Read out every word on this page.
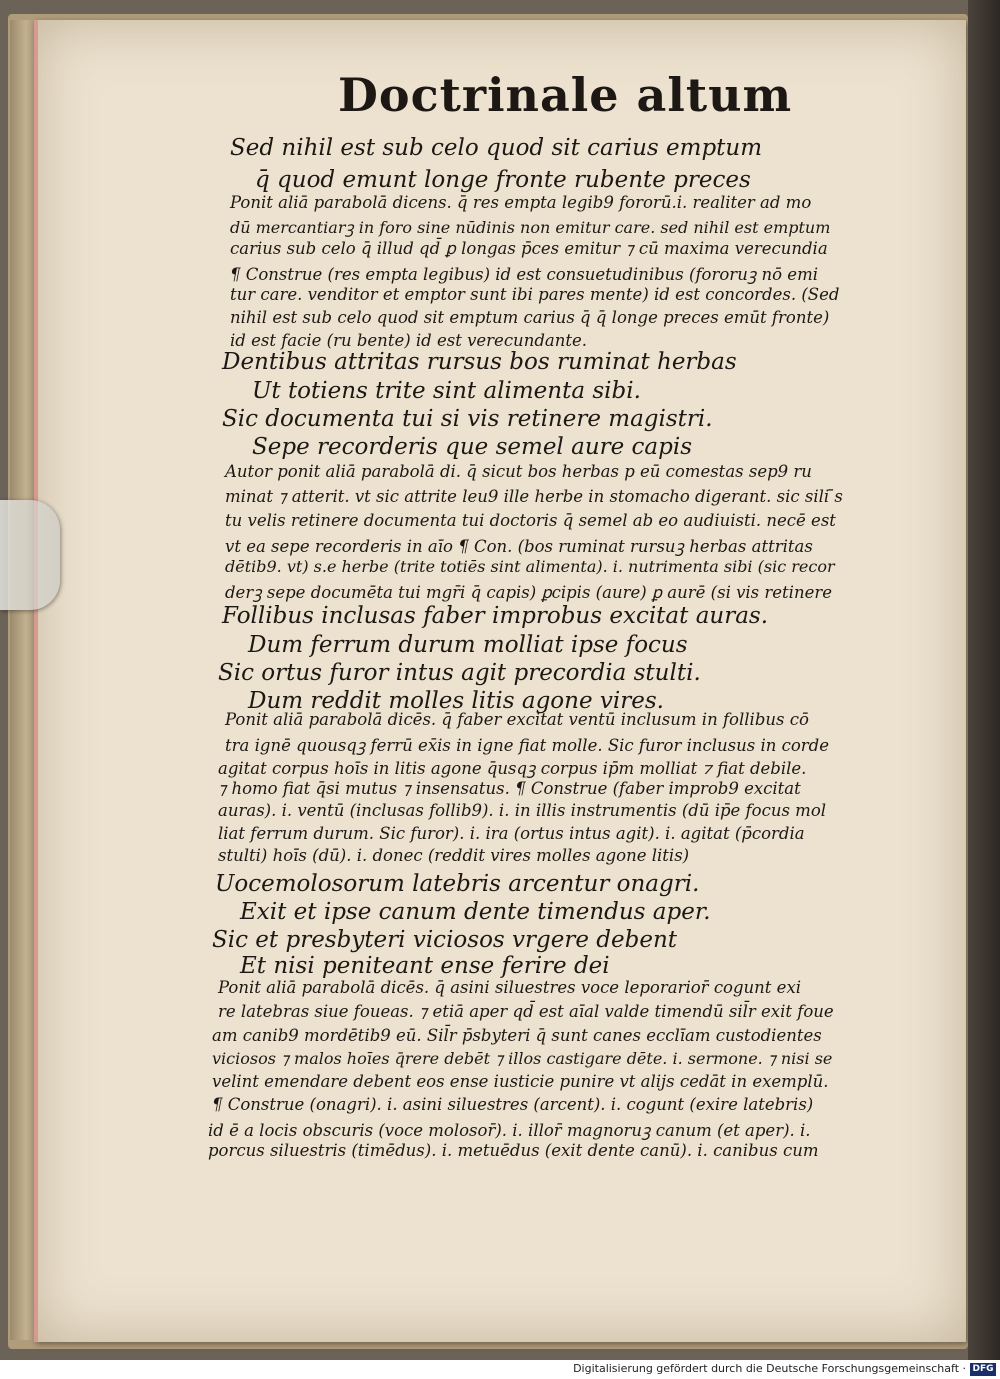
Doctrinale altum
Sed nihil est sub celo quod sit carius emptum
q̄ quod emunt longe fronte rubente preces
Ponit aliā parabolā dicens. q̄ res empta legib9 fororū.i. realiter ad mo
dū mercantiarꝫ in foro sine nūdinis non emitur care. sed nihil est emptum
carius sub celo q̄ illud qd̄ ꝑ longas p̄ces emitur ⁊ cū maxima verecundia
¶ Construe (res empta legibus) id est consuetudinibus (fororuꝫ nō emi
tur care. venditor et emptor sunt ibi pares mente) id est concordes. (Sed
nihil est sub celo quod sit emptum carius q̄ q̄ longe preces emūt fronte)
id est facie (ru bente) id est verecundante.
Dentibus attritas rursus bos ruminat herbas
Ut totiens trite sint alimenta sibi.
Sic documenta tui si vis retinere magistri.
Sepe recorderis que semel aure capis
Autor ponit aliā parabolā di. q̄ sicut bos herbas p eū comestas sep9 ru
minat ⁊ atterit. vt sic attrite leu9 ille herbe in stomacho digerant. sic sili ̄s
tu velis retinere documenta tui doctoris q̄ semel ab eo audiuisti. necē est
vt ea sepe recorderis in aīo ¶ Con. (bos ruminat rursuꝫ herbas attritas
dētib9. vt) s.e herbe (trite totiēs sint alimenta). i. nutrimenta sibi (sic recor
derꝫ sepe documēta tui mgr̄i q̄ capis) ꝑcipis (aure) ꝑ aurē (si vis retinere
Follibus inclusas faber improbus excitat auras.
Dum ferrum durum molliat ipse focus
Sic ortus furor intus agit precordia stulti.
Dum reddit molles litis agone vires.
Ponit aliā parabolā dicēs. q̄ faber excitat ventū inclusum in follibus cō
tra ignē quousqꝫ ferrū ex̄is in igne fiat molle. Sic furor inclusus in corde
agitat corpus hoīs in litis agone q̄usqꝫ corpus ip̄m molliat ⁊ fiat debile.
⁊ homo fiat q̄si mutus ⁊ insensatus. ¶ Construe (faber improb9 excitat
auras). i. ventū (inclusas follib9). i. in illis instrumentis (dū ip̄e focus mol
liat ferrum durum. Sic furor). i. ira (ortus intus agit). i. agitat (p̄cordia
stulti) hoīs (dū). i. donec (reddit vires molles agone litis)
Uocemolosorum latebris arcentur onagri.
Exit et ipse canum dente timendus aper.
Sic et presbyteri viciosos vrgere debent
Et nisi peniteant ense ferire dei
Ponit aliā parabolā dicēs. q̄ asini siluestres voce leporarior̄ cogunt exi
re latebras siue foueas. ⁊ etiā aper qd̄ est aīal valde timendū sil̄r exit foue
am canib9 mordētib9 eū. Sil̄r p̄sbyteri q̄ sunt canes ecclīam custodientes
viciosos ⁊ malos hoīes q̄rere debēt ⁊ illos castigare dēte. i. sermone. ⁊ nisi se
velint emendare debent eos ense iusticie punire vt alijs cedāt in exemplū.
¶ Construe (onagri). i. asini siluestres (arcent). i. cogunt (exire latebris)
id ē a locis obscuris (voce molosor̄). i. illor̄ magnoruꝫ canum (et aper). i.
porcus siluestris (timēdus). i. metuēdus (exit dente canū). i. canibus cum
Digitalisierung gefördert durch die Deutsche Forschungsgemeinschaft · DFG
